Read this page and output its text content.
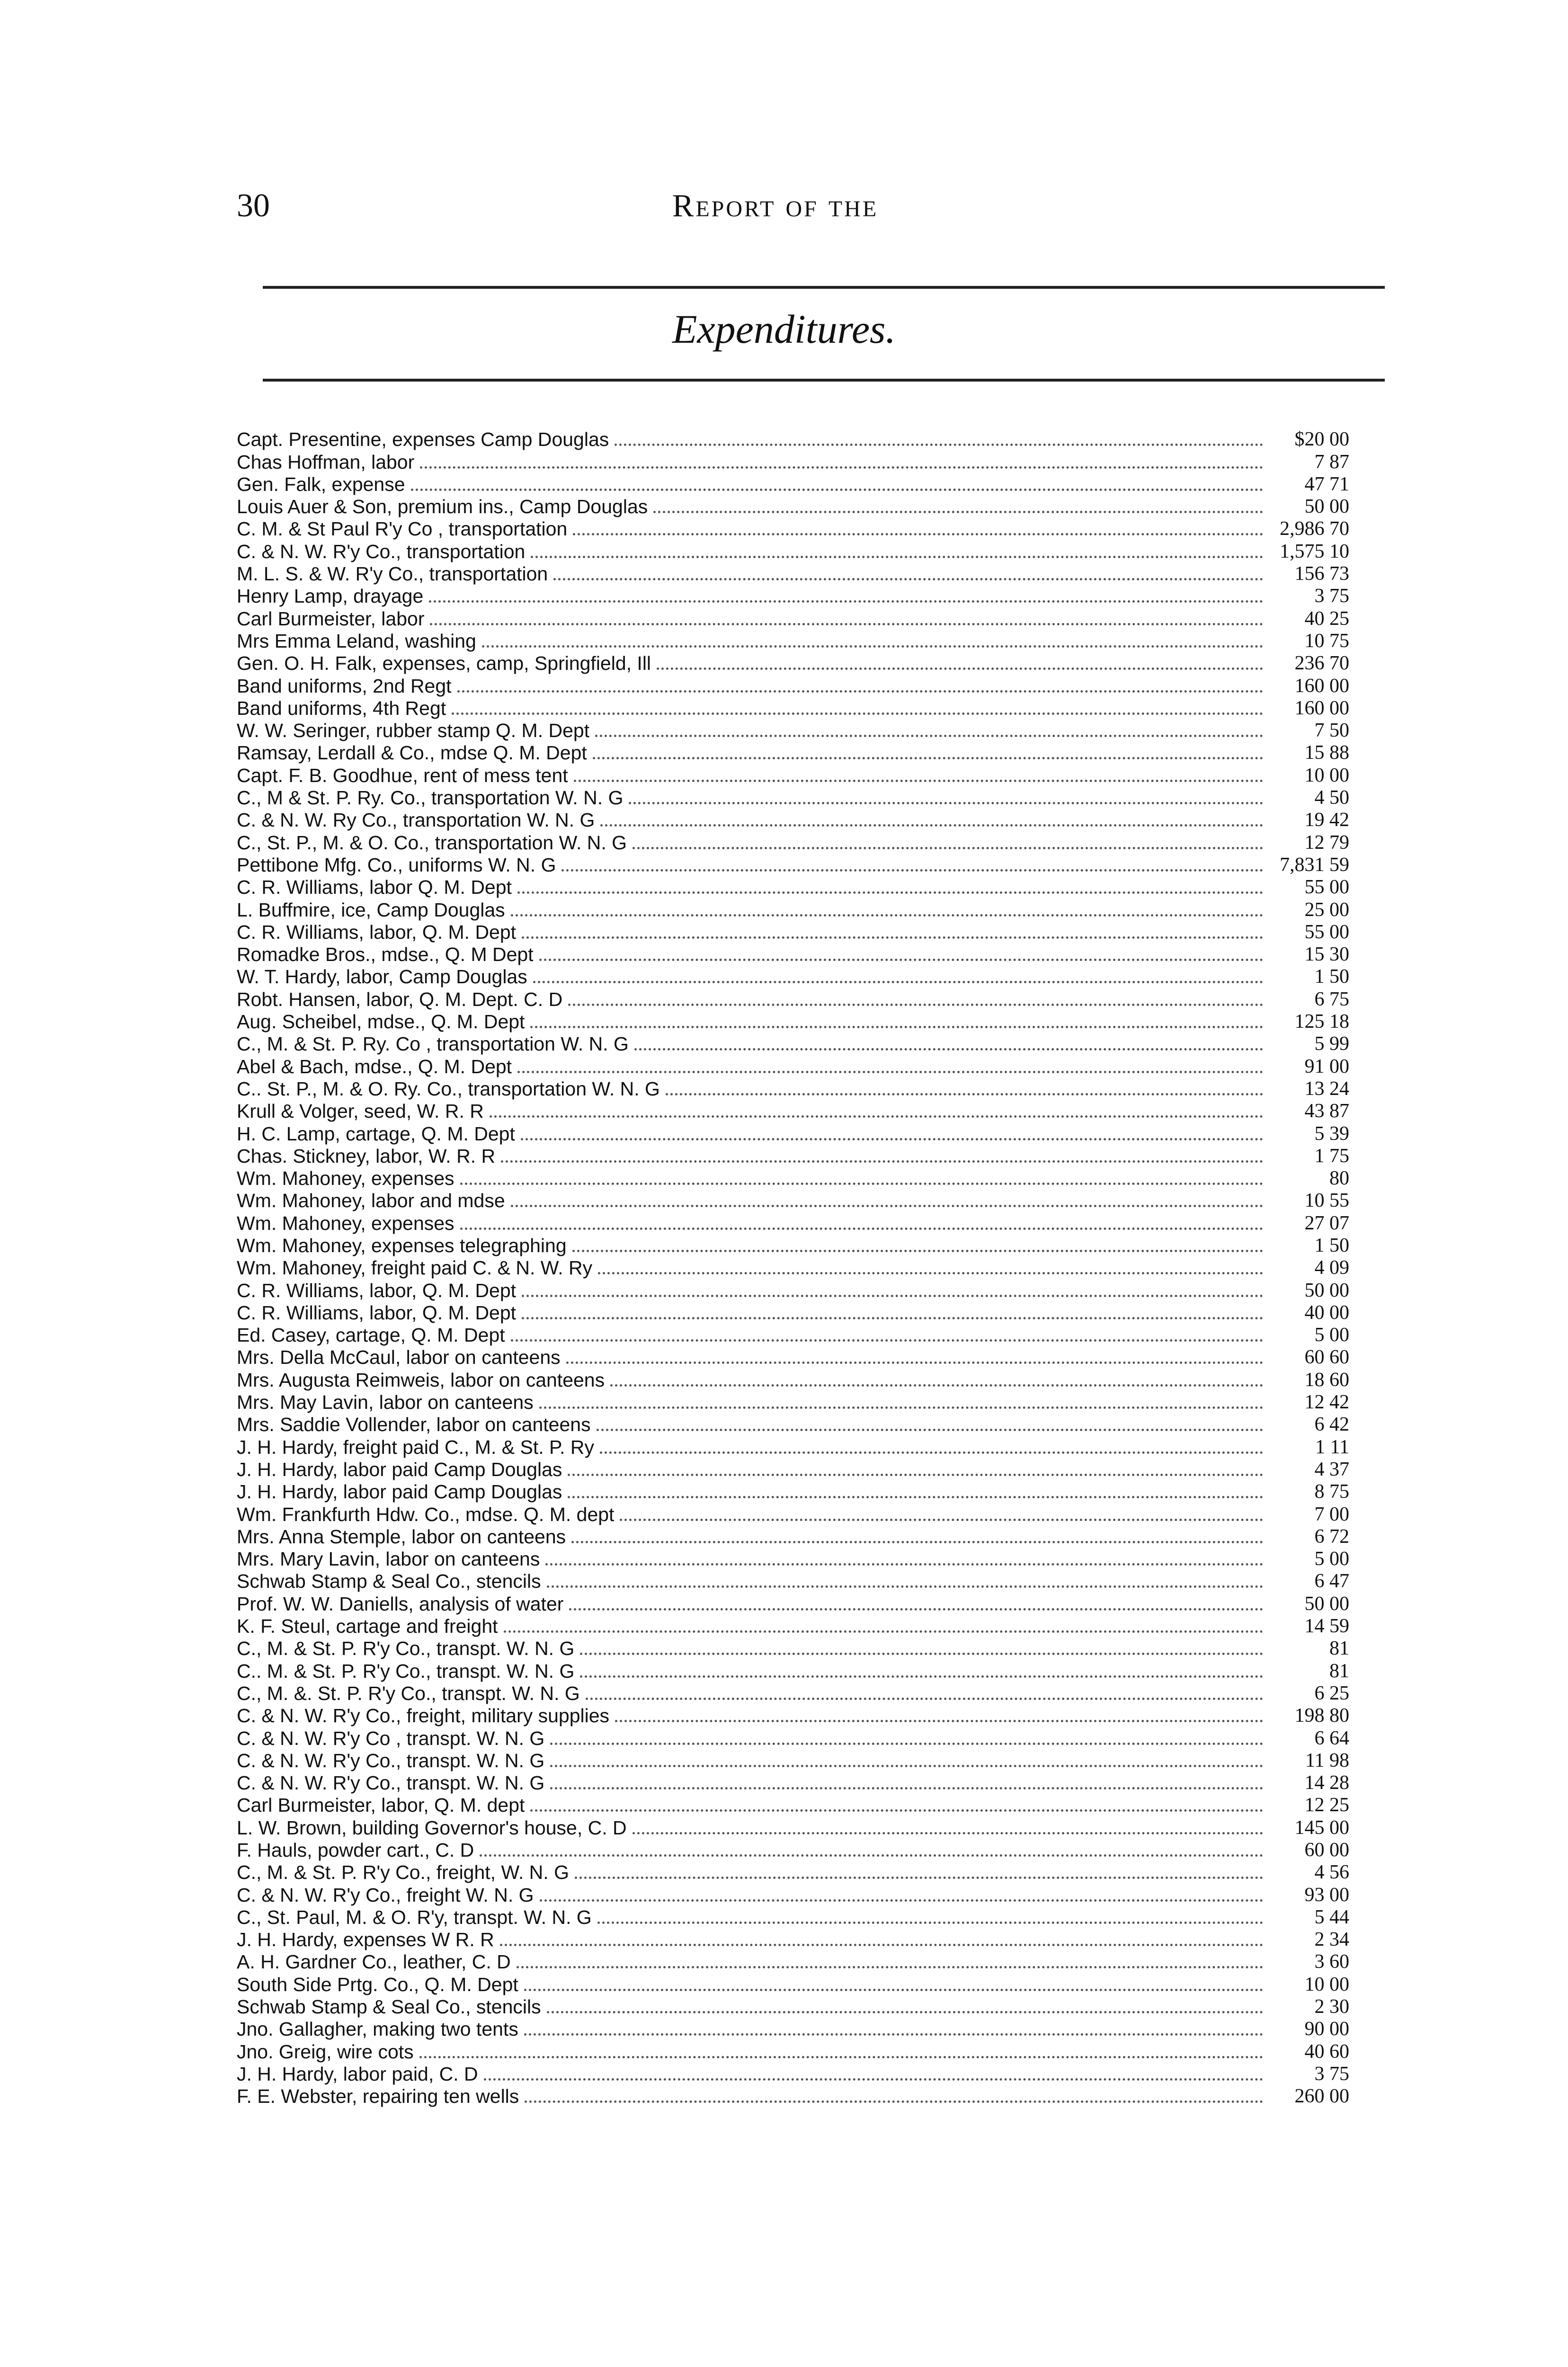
30	Report of the
Expenditures.
Capt. Presentine, expenses Camp Douglas	$20 00
Chas Hoffman, labor	7 87
Gen. Falk, expense	47 71
Louis Auer & Son, premium ins., Camp Douglas	50 00
C. M. & St Paul R'y Co , transportation	2,986 70
C. & N. W. R'y Co., transportation	1,575 10
M. L. S. & W. R'y Co., transportation	156 73
Henry Lamp, drayage	3 75
Carl Burmeister, labor	40 25
Mrs Emma Leland, washing	10 75
Gen. O. H. Falk, expenses, camp, Springfield, Ill	236 70
Band uniforms, 2nd Regt	160 00
Band uniforms, 4th Regt	160 00
W. W. Seringer, rubber stamp Q. M. Dept	7 50
Ramsay, Lerdall & Co., mdse Q. M. Dept	15 88
Capt. F. B. Goodhue, rent of mess tent	10 00
C., M & St. P. Ry. Co., transportation W. N. G	4 50
C. & N. W. Ry Co., transportation W. N. G	19 42
C., St. P., M. & O. Co., transportation W. N. G	12 79
Pettibone Mfg. Co., uniforms W. N. G	7,831 59
C. R. Williams, labor Q. M. Dept	55 00
L. Buffmire, ice, Camp Douglas	25 00
C. R. Williams, labor, Q. M. Dept	55 00
Romadke Bros., mdse., Q. M Dept	15 30
W. T. Hardy, labor, Camp Douglas	1 50
Robt. Hansen, labor, Q. M. Dept. C. D	6 75
Aug. Scheibel, mdse., Q. M. Dept	125 18
C., M. & St. P. Ry. Co , transportation W. N. G	5 99
Abel & Bach, mdse., Q. M. Dept	91 00
C.. St. P., M. & O. Ry. Co., transportation W. N. G	13 24
Krull & Volger, seed, W. R. R	43 87
H. C. Lamp, cartage, Q. M. Dept	5 39
Chas. Stickney, labor, W. R. R	1 75
Wm. Mahoney, expenses	80
Wm. Mahoney, labor and mdse	10 55
Wm. Mahoney, expenses	27 07
Wm. Mahoney, expenses telegraphing	1 50
Wm. Mahoney, freight paid C. & N. W. Ry	4 09
C. R. Williams, labor, Q. M. Dept	50 00
C. R. Williams, labor, Q. M. Dept	40 00
Ed. Casey, cartage, Q. M. Dept	5 00
Mrs. Della McCaul, labor on canteens	60 60
Mrs. Augusta Reimweis, labor on canteens	18 60
Mrs. May Lavin, labor on canteens	12 42
Mrs. Saddie Vollender, labor on canteens	6 42
J. H. Hardy, freight paid C., M. & St. P. Ry	1 11
J. H. Hardy, labor paid Camp Douglas	4 37
J. H. Hardy, labor paid Camp Douglas	8 75
Wm. Frankfurth Hdw. Co., mdse. Q. M. dept	7 00
Mrs. Anna Stemple, labor on canteens	6 72
Mrs. Mary Lavin, labor on canteens	5 00
Schwab Stamp & Seal Co., stencils	6 47
Prof. W. W. Daniells, analysis of water	50 00
K. F. Steul, cartage and freight	14 59
C., M. & St. P. R'y Co., transpt. W. N. G	81
C.. M. & St. P. R'y Co., transpt. W. N. G	81
C., M. &. St. P. R'y Co., transpt. W. N. G	6 25
C. & N. W. R'y Co., freight, military supplies	198 80
C. & N. W. R'y Co , transpt. W. N. G	6 64
C. & N. W. R'y Co., transpt. W. N. G	11 98
C. & N. W. R'y Co., transpt. W. N. G	14 28
Carl Burmeister, labor, Q. M. dept	12 25
L. W. Brown, building Governor's house, C. D	145 00
F. Hauls, powder cart., C. D	60 00
C., M. & St. P. R'y Co., freight, W. N. G	4 56
C. & N. W. R'y Co., freight W. N. G	93 00
C., St. Paul, M. & O. R'y, transpt. W. N. G	5 44
J. H. Hardy, expenses W R. R	2 34
A. H. Gardner Co., leather, C. D	3 60
South Side Prtg. Co., Q. M. Dept	10 00
Schwab Stamp & Seal Co., stencils	2 30
Jno. Gallagher, making two tents	90 00
Jno. Greig, wire cots	40 60
J. H. Hardy, labor paid, C. D	3 75
F. E. Webster, repairing ten wells	260 00
